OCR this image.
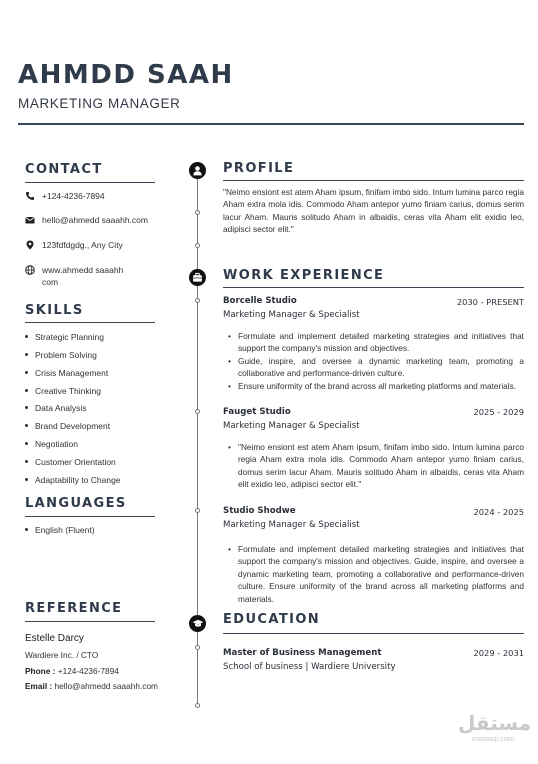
AHMDD SAAH
MARKETING MANAGER
CONTACT
+124-4236-7894
hello@ahmedd saaahh.com
123fdfdgdg., Any City
www.ahmedd saaahh com
SKILLS
Strategic Planning
Problem Solving
Crisis Management
Creative Thinking
Data Analysis
Brand Development
Negotiation
Customer Orientation
Adaptability to Change
LANGUAGES
English (Fluent)
REFERENCE
Estelle Darcy
Wardiere Inc. / CTO
Phone : +124-4236-7894
Email : hello@ahmedd saaahh.com
PROFILE
"Neimo ensiont est atem Aham ipsum, finifam imbo sido. Intum lumina parco regia Aham extra mola idis. Commodo Aham antepor yumo finiam carius, domus serim lacur Aham. Mauris solitudo Aham in albaidis, ceras vita Aham elit exidio leo, adipisci sector elit."
WORK EXPERIENCE
Borcelle Studio	2030 - PRESENT
Marketing Manager & Specialist
• Formulate and implement detailed marketing strategies and initiatives that support the company's mission and objectives.
• Guide, inspire, and oversee a dynamic marketing team, promoting a collaborative and performance-driven culture.
• Ensure uniformity of the brand across all marketing platforms and materials.
Fauget Studio	2025 - 2029
Marketing Manager & Specialist
• "Neimo ensiont est atem Aham ipsum, finifam imbo sido. Intum lumina parco regia Aham extra mola idis. Commodo Aham antepor yumo finiam carius, domus serim lacur Aham. Mauris solitudo Aham in albaidis, ceras vita Aham elit exidio leo, adipisci sector elit."
Studio Shodwe	2024 - 2025
Marketing Manager & Specialist
• Formulate and implement detailed marketing strategies and initiatives that support the company's mission and objectives. Guide, inspire, and oversee a dynamic marketing team, promoting a collaborative and performance-driven culture. Ensure uniformity of the brand across all marketing platforms and materials.
EDUCATION
Master of Business Management	2029 - 2031
School of business | Wardiere University
مستقل
mostaql.com
